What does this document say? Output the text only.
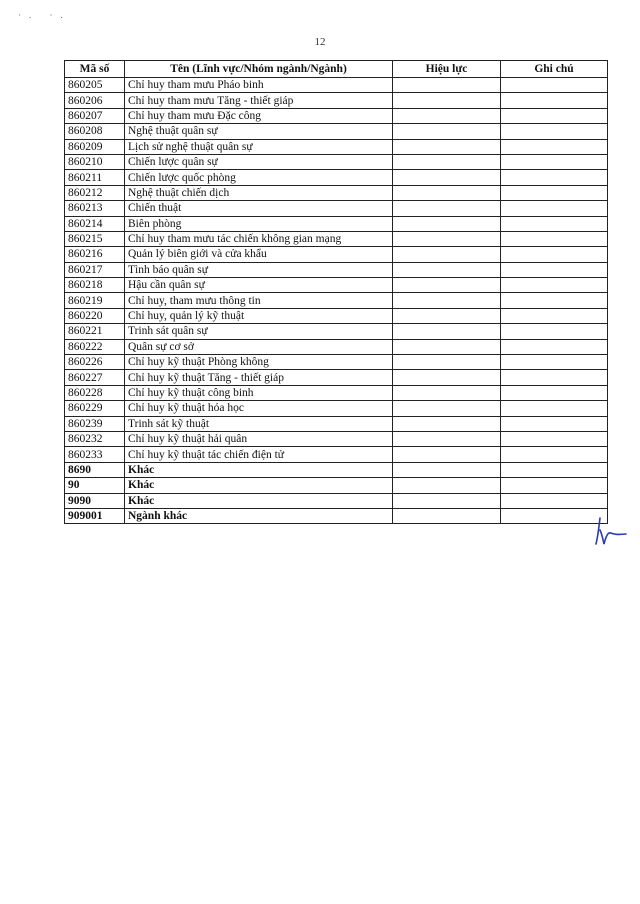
·. ·.
12
Mã số	Tên (Lĩnh vực/Nhóm ngành/Ngành)	Hiệu lực	Ghi chú
860205	Chỉ huy tham mưu Pháo binh		
860206	Chỉ huy tham mưu Tăng - thiết giáp		
860207	Chỉ huy tham mưu Đặc công		
860208	Nghệ thuật quân sự		
860209	Lịch sử nghệ thuật quân sự		
860210	Chiến lược quân sự		
860211	Chiến lược quốc phòng		
860212	Nghệ thuật chiến dịch		
860213	Chiến thuật		
860214	Biên phòng		
860215	Chỉ huy tham mưu tác chiến không gian mạng		
860216	Quản lý biên giới và cửa khẩu		
860217	Tình báo quân sự		
860218	Hậu cần quân sự		
860219	Chỉ huy, tham mưu thông tin		
860220	Chỉ huy, quản lý kỹ thuật		
860221	Trinh sát quân sự		
860222	Quân sự cơ sở		
860226	Chỉ huy kỹ thuật Phòng không		
860227	Chỉ huy kỹ thuật Tăng - thiết giáp		
860228	Chỉ huy kỹ thuật công binh		
860229	Chỉ huy kỹ thuật hóa học		
860239	Trinh sát kỹ thuật		
860232	Chỉ huy kỹ thuật hải quân		
860233	Chỉ huy kỹ thuật tác chiến điện tử		
8690	Khác		
90	Khác		
9090	Khác		
909001	Ngành khác		
